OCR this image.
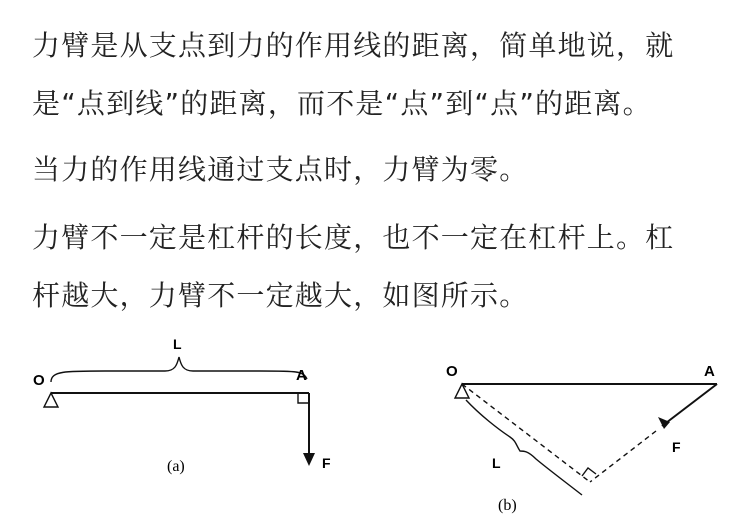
力臂是从支点到力的作用线的距离，简单地说，就

是“点到线”的距离，而不是“点”到“点”的距离。

当力的作用线通过支点时，力臂为零。

力臂不一定是杠杆的长度，也不一定在杠杆上。杠

杆越大，力臂不一定越大，如图所示。

O	A
L
F
(a)
O	A
L
F
(b)
